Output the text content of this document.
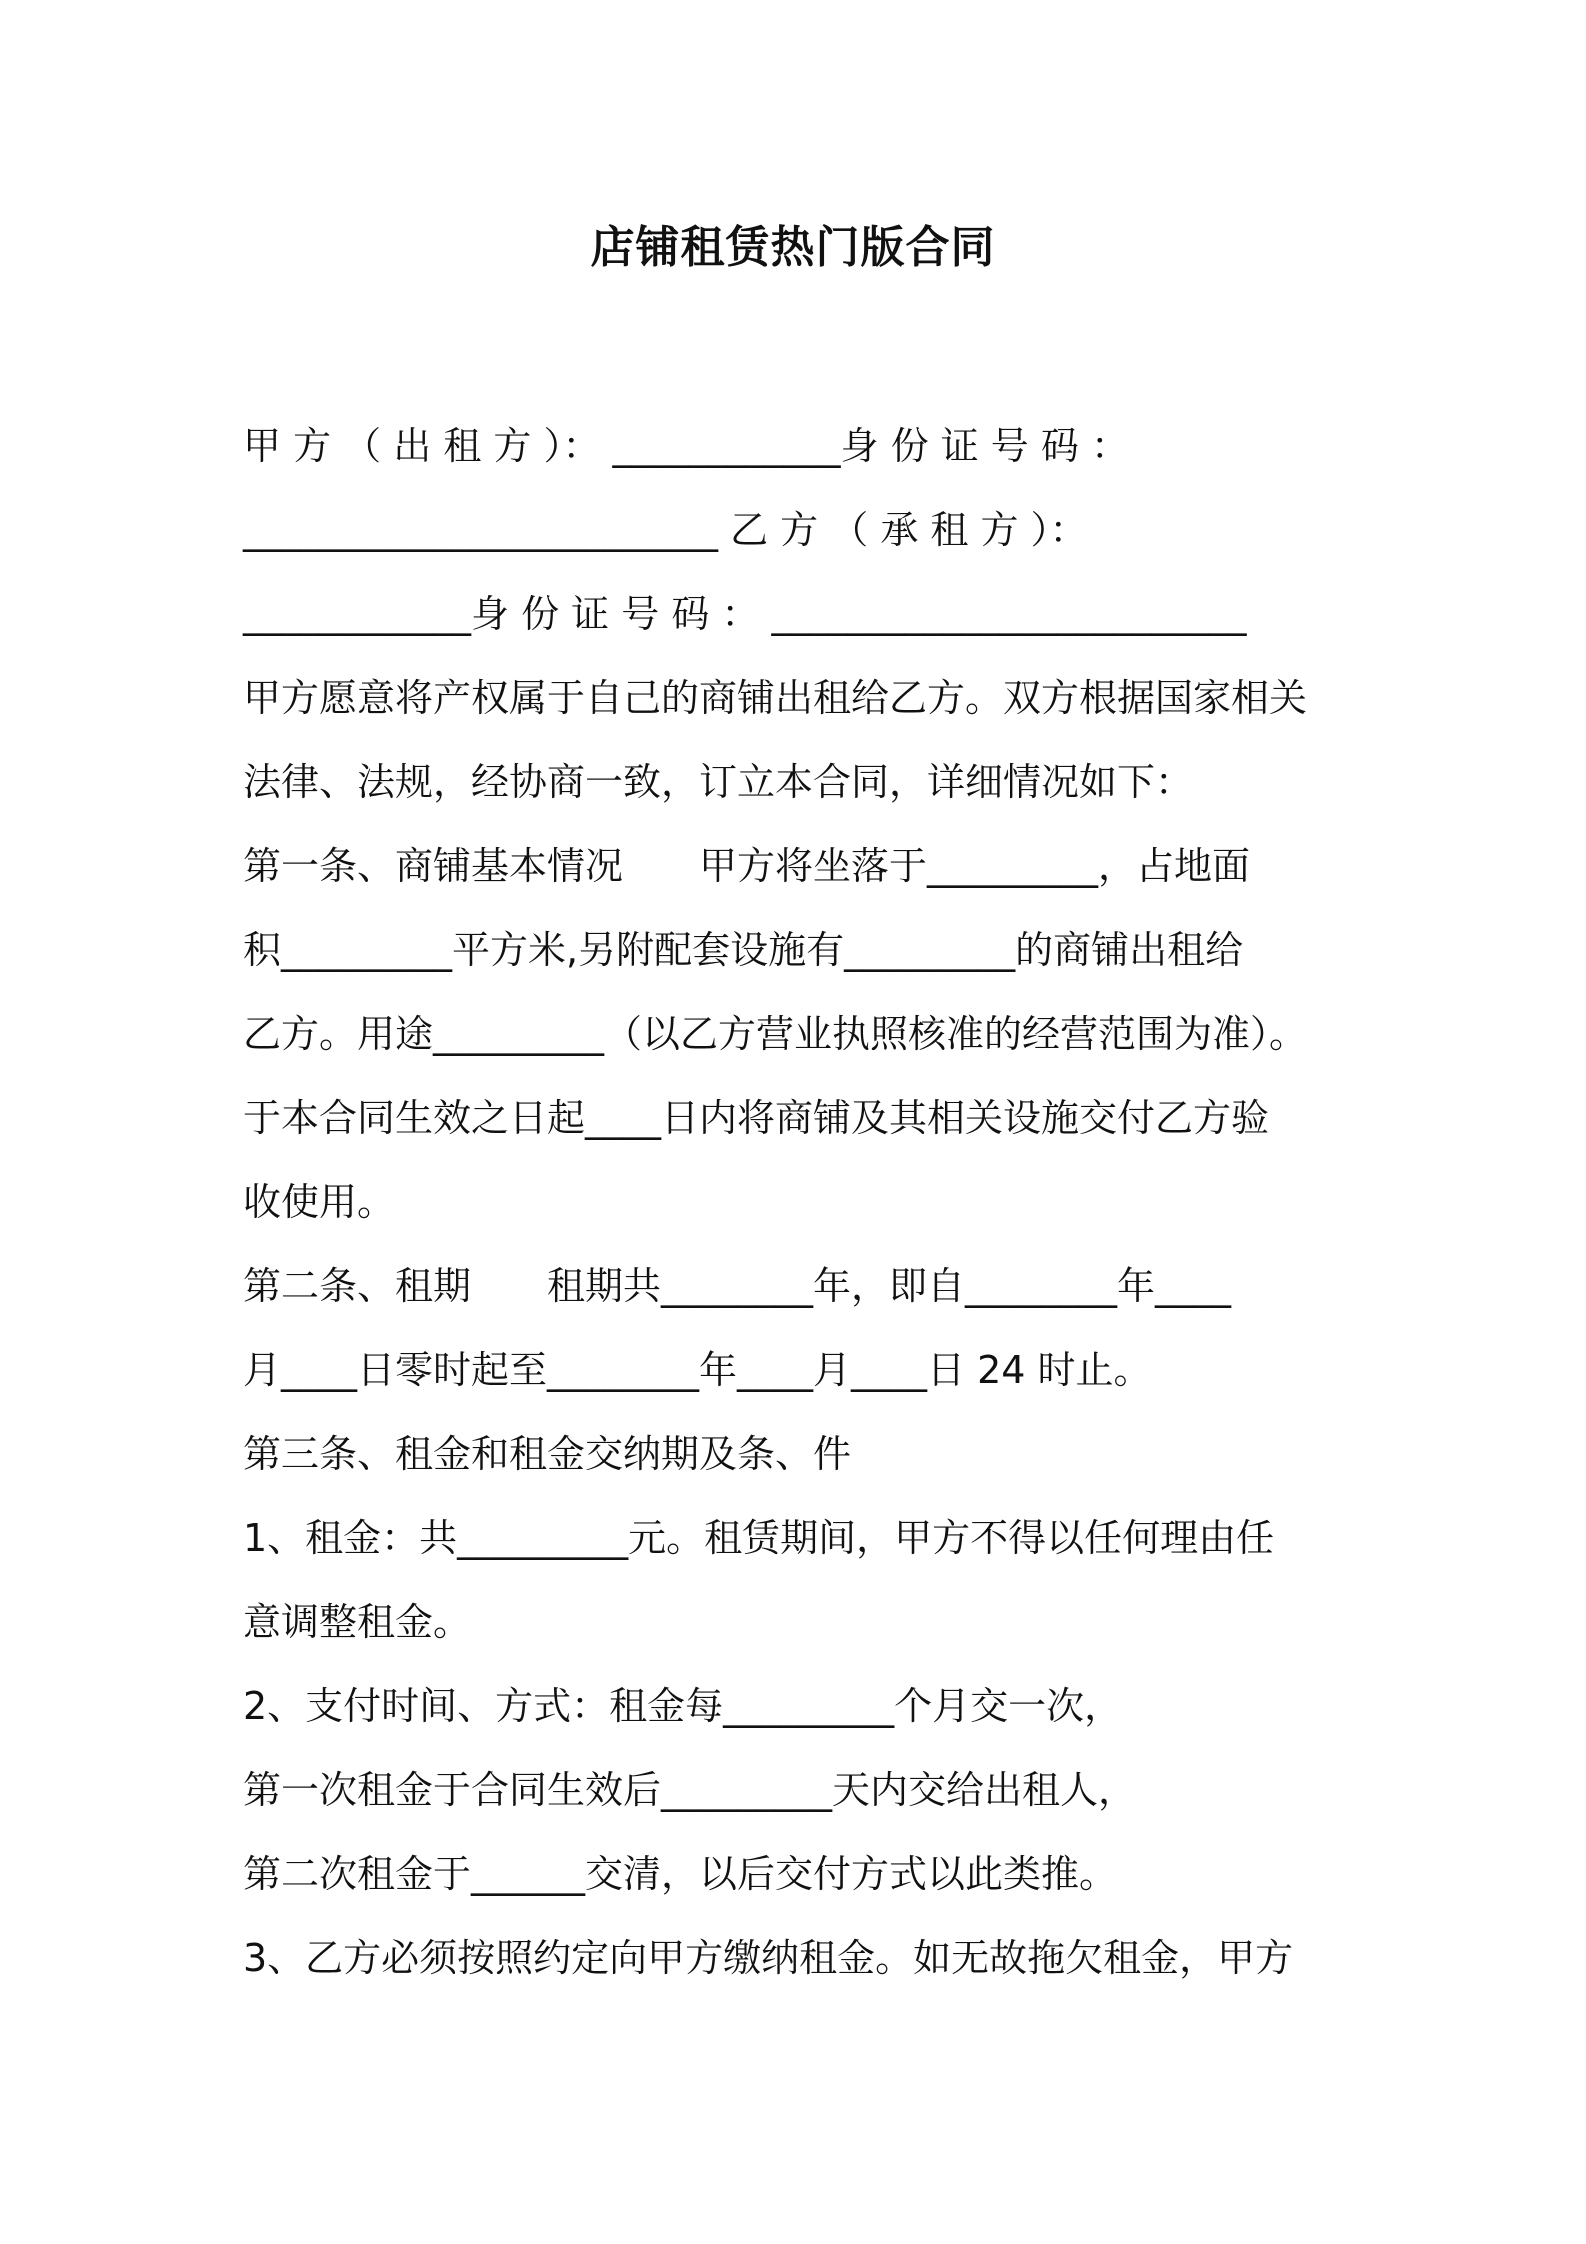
店铺租赁热门版合同
甲 方 （ 出 租 方 ）： ____________身 份 证 号 码 ：
_________________________ 乙 方 （ 承 租 方 ）：
____________身 份 证 号 码 ： _________________________
甲方愿意将产权属于自己的商铺出租给乙方。双方根据国家相关
法律、法规，经协商一致，订立本合同，详细情况如下：
第一条、商铺基本情况　　甲方将坐落于_________，占地面
积_________平方米,另附配套设施有_________的商铺出租给
乙方。用途_________（以乙方营业执照核准的经营范围为准）。
于本合同生效之日起____日内将商铺及其相关设施交付乙方验
收使用。
第二条、租期　　租期共________年，即自________年____
月____日零时起至________年____月____日 24 时止。
第三条、租金和租金交纳期及条、件
1、租金：共_________元。租赁期间，甲方不得以任何理由任
意调整租金。
2、支付时间、方式：租金每_________个月交一次，
第一次租金于合同生效后_________天内交给出租人，
第二次租金于______交清，以后交付方式以此类推。
3、乙方必须按照约定向甲方缴纳租金。如无故拖欠租金，甲方
